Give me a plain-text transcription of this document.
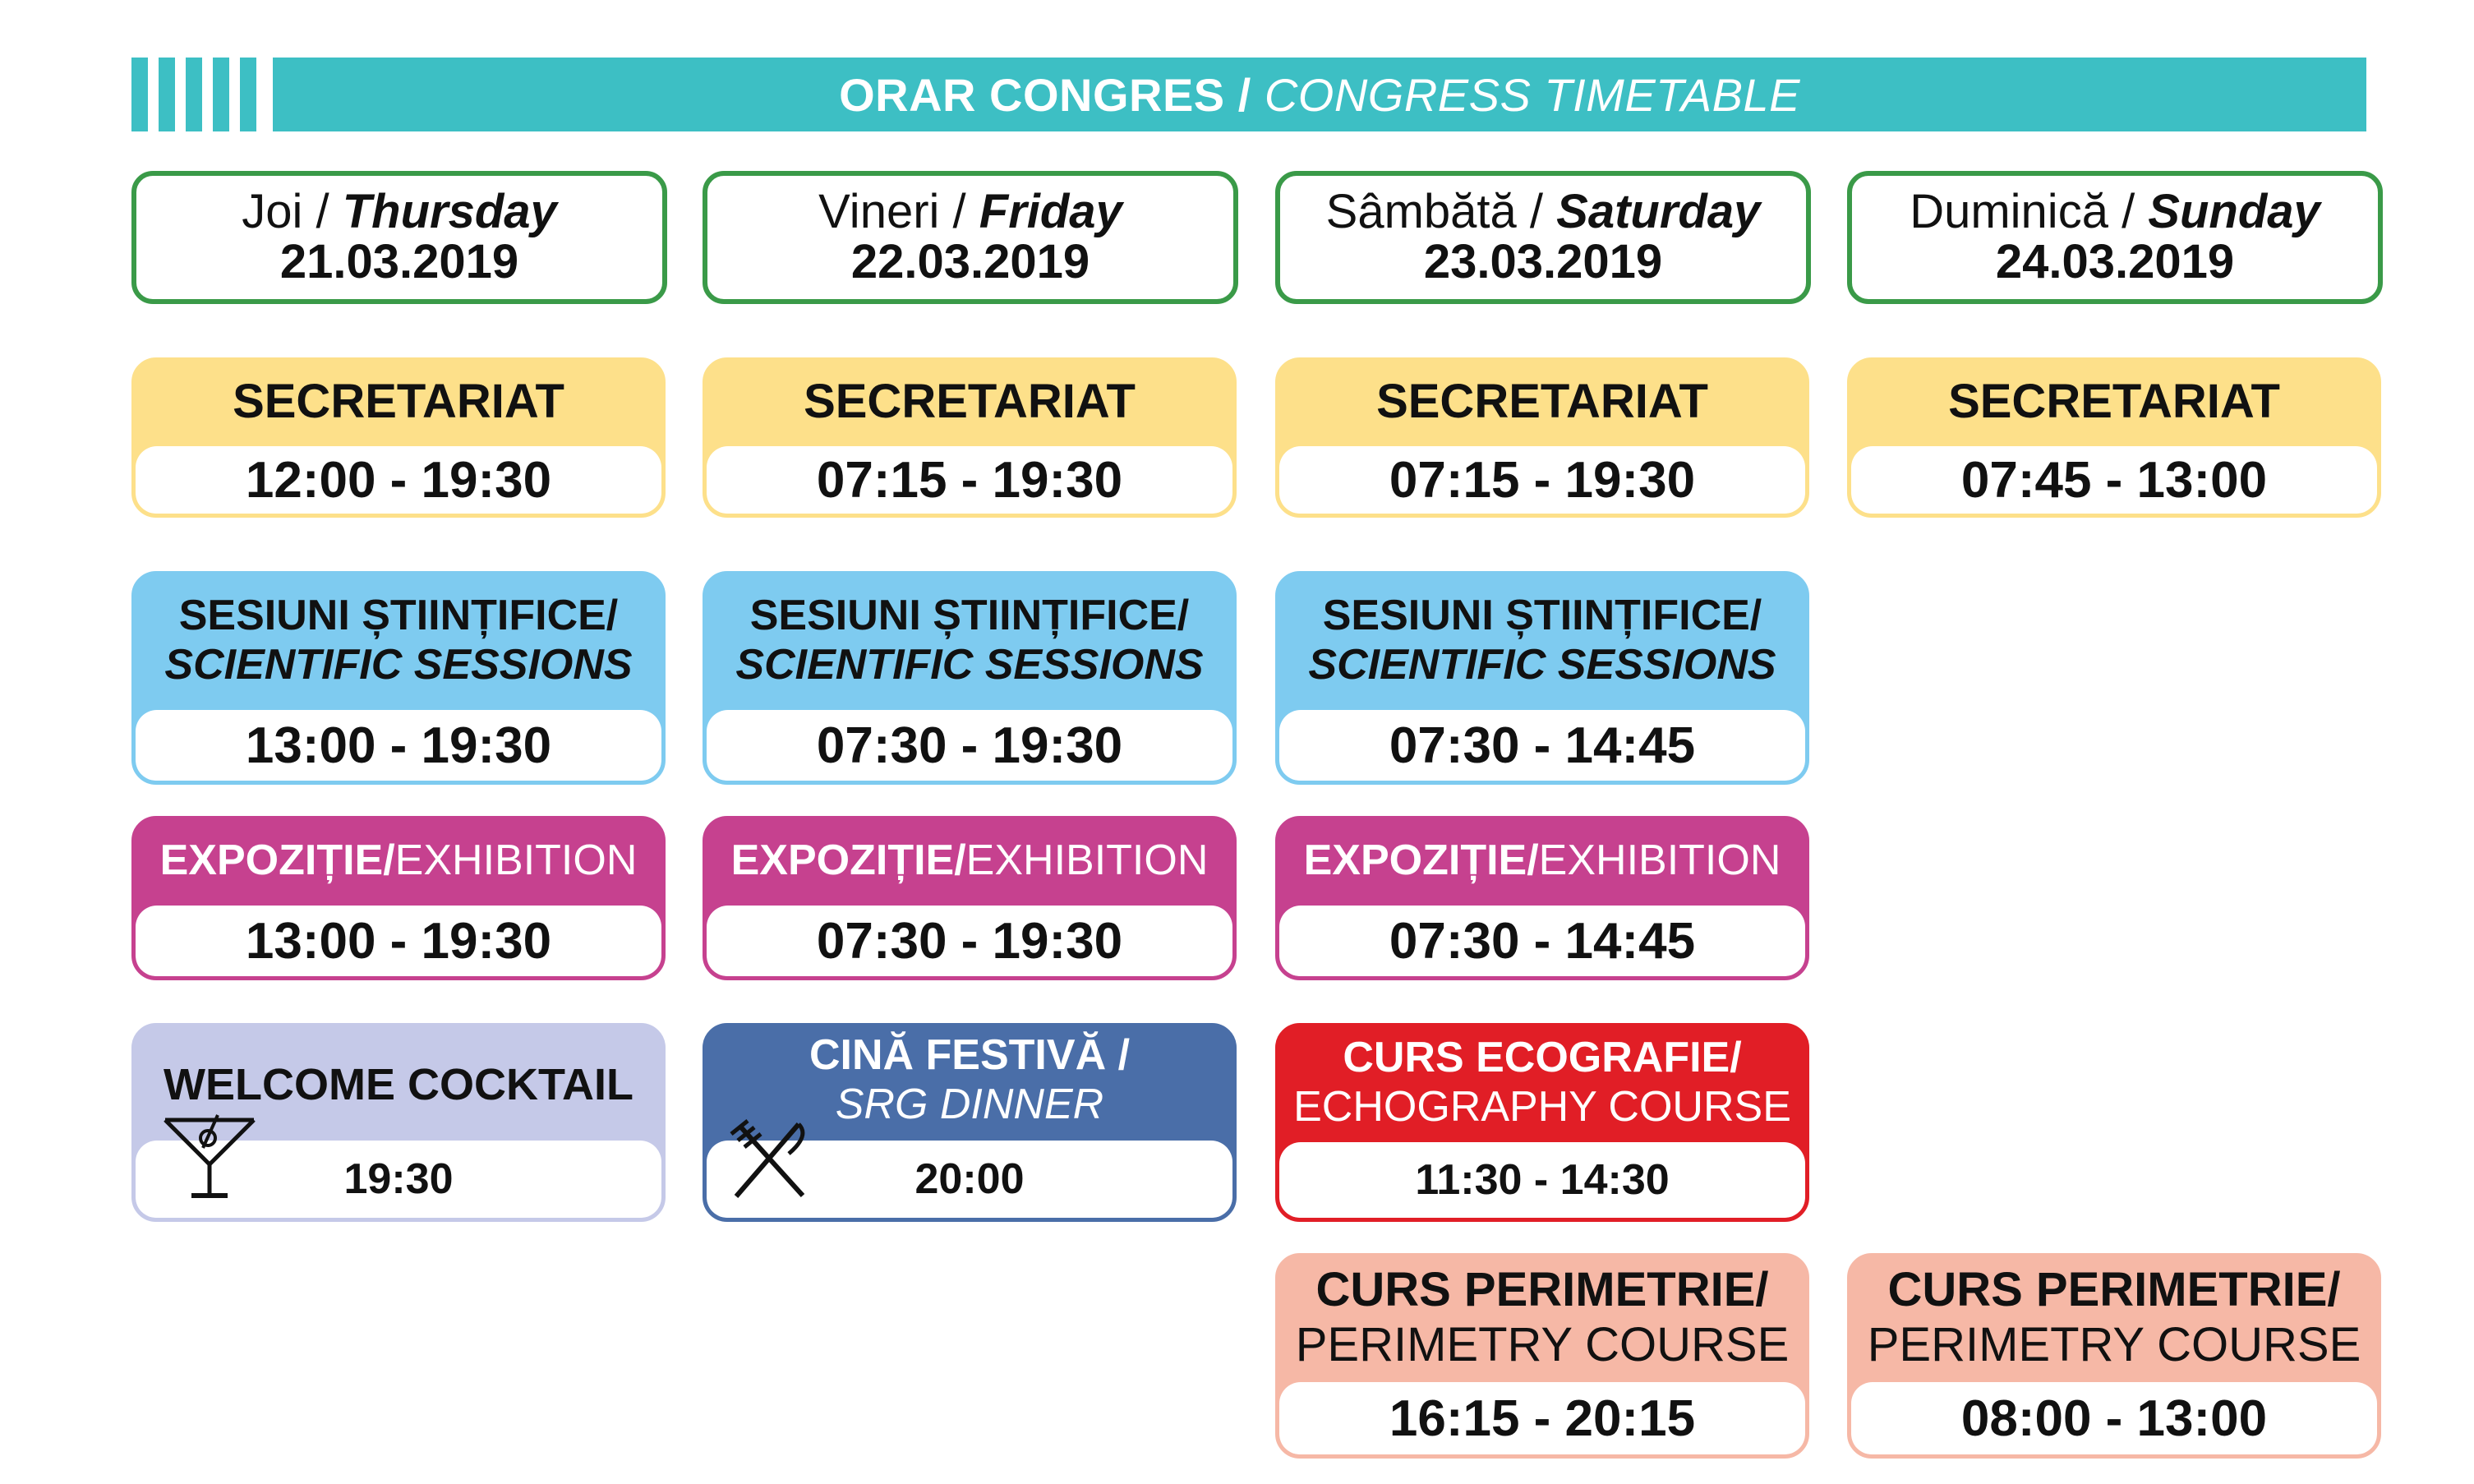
ORAR CONGRES / CONGRESS TIMETABLE
Joi / Thursday
21.03.2019
Vineri / Friday
22.03.2019
Sâmbătă / Saturday
23.03.2019
Duminică / Sunday
24.03.2019
SECRETARIAT
12:00 - 19:30
SECRETARIAT
07:15 - 19:30
SECRETARIAT
07:15 - 19:30
SECRETARIAT
07:45 - 13:00
SESIUNI ȘTIINȚIFICE/
SCIENTIFIC SESSIONS
13:00 - 19:30
SESIUNI ȘTIINȚIFICE/
SCIENTIFIC SESSIONS
07:30 - 19:30
SESIUNI ȘTIINȚIFICE/
SCIENTIFIC SESSIONS
07:30 - 14:45
EXPOZIȚIE/EXHIBITION
13:00 - 19:30
EXPOZIȚIE/EXHIBITION
07:30 - 19:30
EXPOZIȚIE/EXHIBITION
07:30 - 14:45
WELCOME COCKTAIL
19:30
CINĂ FESTIVĂ /
SRG DINNER
20:00
CURS ECOGRAFIE/
ECHOGRAPHY COURSE
11:30 - 14:30
CURS PERIMETRIE/
PERIMETRY COURSE
16:15 - 20:15
CURS PERIMETRIE/
PERIMETRY COURSE
08:00 - 13:00
